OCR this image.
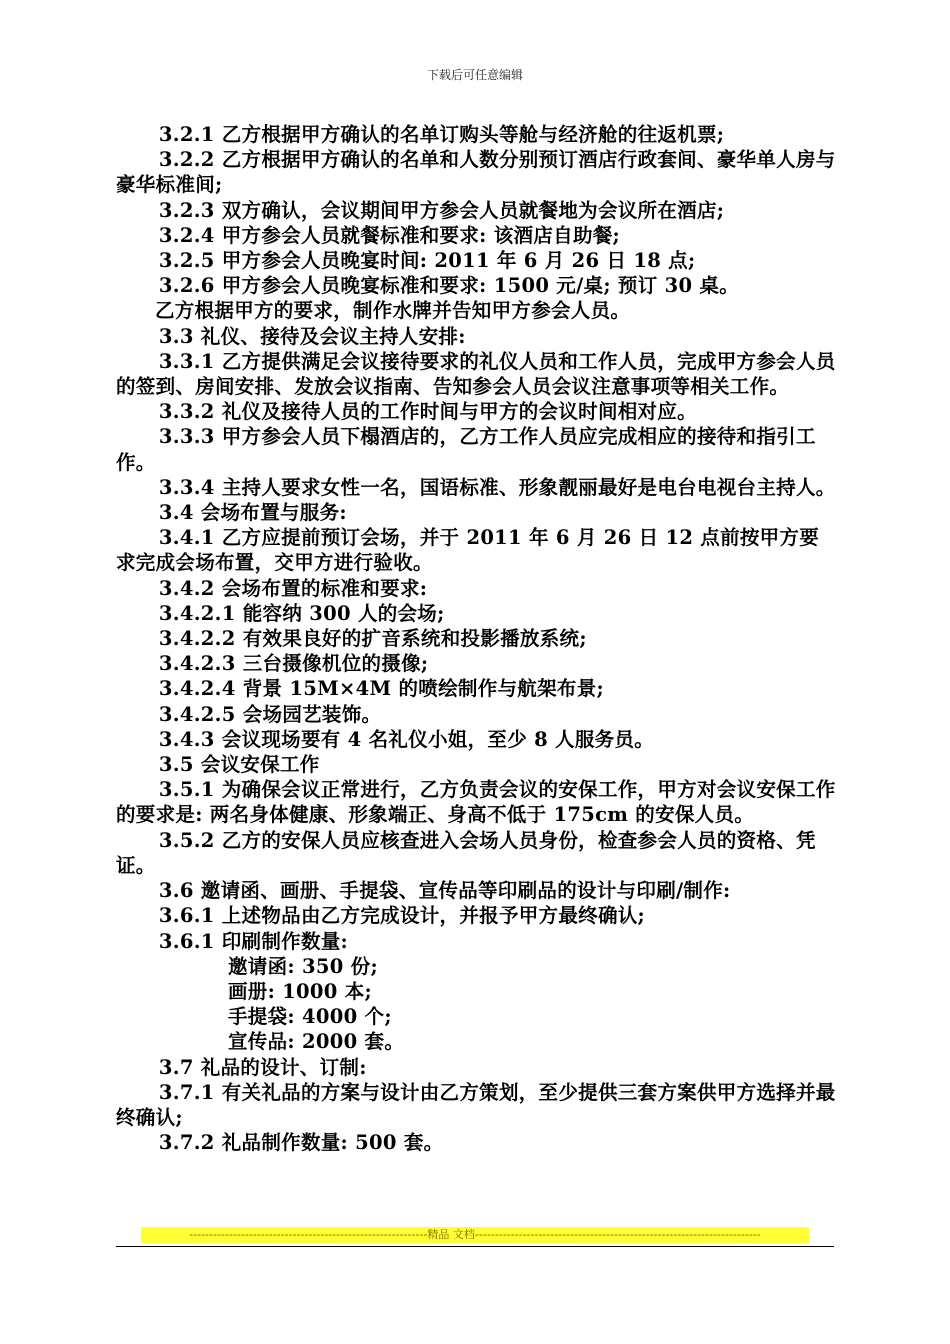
下载后可任意编辑

3.2.1 乙方根据甲方确认的名单订购头等舱与经济舱的往返机票;

3.2.2 乙方根据甲方确认的名单和人数分别预订酒店行政套间、豪华单人房与豪华标准间;

3.2.3 双方确认，会议期间甲方参会人员就餐地为会议所在酒店;

3.2.4 甲方参会人员就餐标准和要求: 该酒店自助餐;

3.2.5 甲方参会人员晚宴时间: 2011 年 6 月 26 日 18 点;

3.2.6 甲方参会人员晚宴标准和要求: 1500 元/桌; 预订 30 桌。

乙方根据甲方的要求，制作水牌并告知甲方参会人员。

3.3 礼仪、接待及会议主持人安排:

3.3.1 乙方提供满足会议接待要求的礼仪人员和工作人员，完成甲方参会人员的签到、房间安排、发放会议指南、告知参会人员会议注意事项等相关工作。

3.3.2 礼仪及接待人员的工作时间与甲方的会议时间相对应。

3.3.3 甲方参会人员下榻酒店的，乙方工作人员应完成相应的接待和指引工作。

3.3.4 主持人要求女性一名，国语标准、形象靓丽最好是电台电视台主持人。

3.4 会场布置与服务:

3.4.1 乙方应提前预订会场，并于 2011 年 6 月 26 日 12 点前按甲方要求完成会场布置，交甲方进行验收。

3.4.2 会场布置的标准和要求:

3.4.2.1 能容纳 300 人的会场;

3.4.2.2 有效果良好的扩音系统和投影播放系统;

3.4.2.3 三台摄像机位的摄像;

3.4.2.4 背景 15M×4M 的喷绘制作与航架布景;

3.4.2.5 会场园艺装饰。

3.4.3 会议现场要有 4 名礼仪小姐，至少 8 人服务员。

3.5 会议安保工作

3.5.1 为确保会议正常进行，乙方负责会议的安保工作，甲方对会议安保工作的要求是: 两名身体健康、形象端正、身高不低于 175cm 的安保人员。

3.5.2 乙方的安保人员应核查进入会场人员身份，检查参会人员的资格、凭证。

3.6 邀请函、画册、手提袋、宣传品等印刷品的设计与印刷/制作:

3.6.1 上述物品由乙方完成设计，并报予甲方最终确认;

3.6.1 印刷制作数量:

邀请函: 350 份;

画册: 1000 本;

手提袋: 4000 个;

宣传品: 2000 套。

3.7 礼品的设计、订制:

3.7.1 有关礼品的方案与设计由乙方策划，至少提供三套方案供甲方选择并最终确认;

3.7.2 礼品制作数量: 500 套。

------------------------------------------------------------精品 文档------------------------------------------------------------------------
